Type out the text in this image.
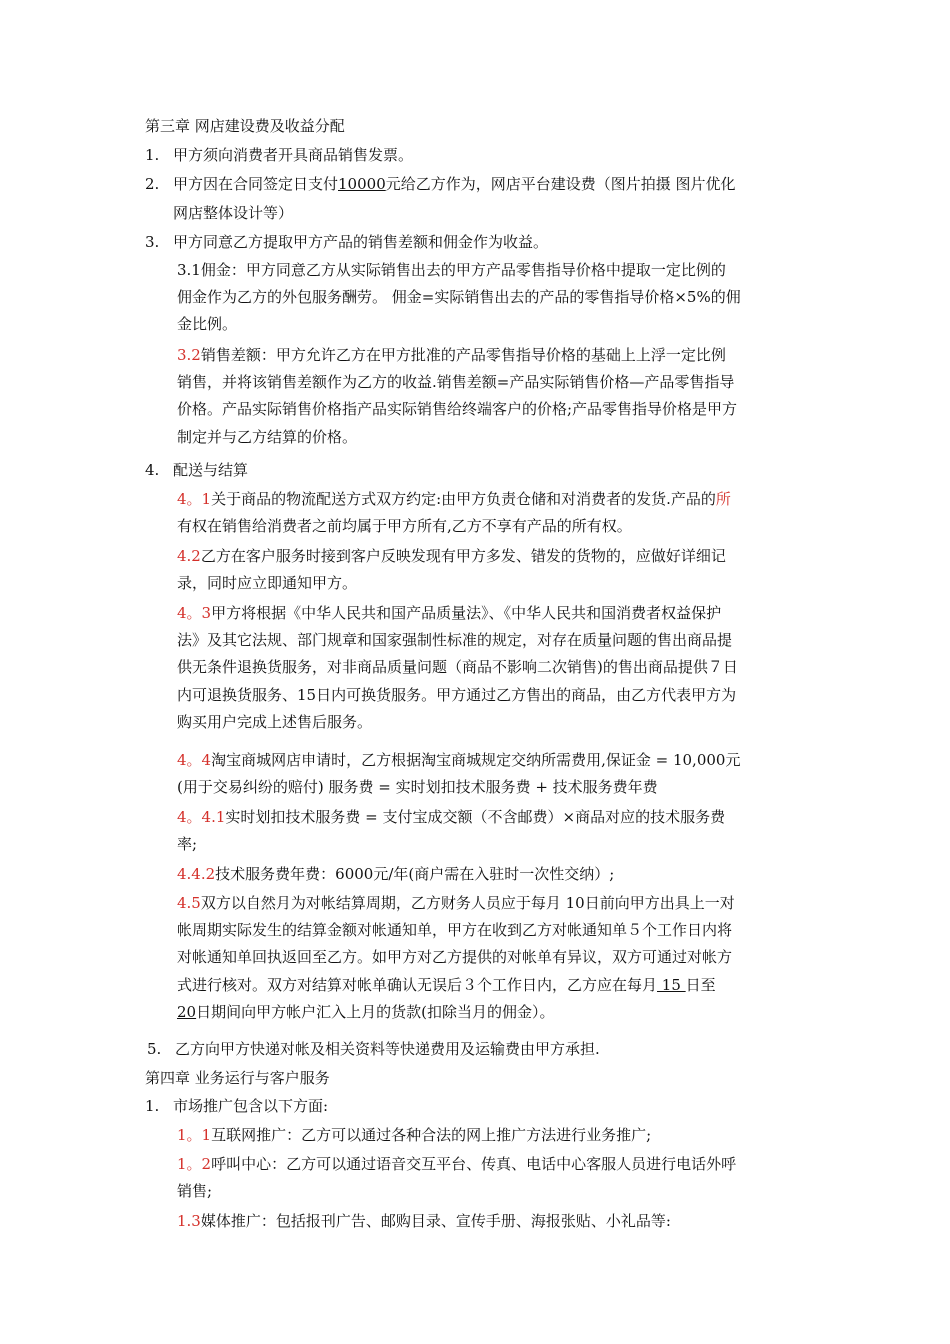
第三章 网店建设费及收益分配
1. 甲方须向消费者开具商品销售发票。
2. 甲方因在合同签定日支付10000元给乙方作为，网店平台建设费（图片拍摄 图片优化
网店整体设计等）
3. 甲方同意乙方提取甲方产品的销售差额和佣金作为收益。
3.1佣金：甲方同意乙方从实际销售出去的甲方产品零售指导价格中提取一定比例的
佣金作为乙方的外包服务酬劳。 佣金=实际销售出去的产品的零售指导价格×5%的佣
金比例。
3.2销售差额：甲方允许乙方在甲方批准的产品零售指导价格的基础上上浮一定比例
销售，并将该销售差额作为乙方的收益.销售差额=产品实际销售价格—产品零售指导
价格。产品实际销售价格指产品实际销售给终端客户的价格;产品零售指导价格是甲方
制定并与乙方结算的价格。
4. 配送与结算
4。1关于商品的物流配送方式双方约定:由甲方负责仓储和对消费者的发货.产品的所
有权在销售给消费者之前均属于甲方所有,乙方不享有产品的所有权。
4.2乙方在客户服务时接到客户反映发现有甲方多发、错发的货物的，应做好详细记
录，同时应立即通知甲方。
4。3甲方将根据《中华人民共和国产品质量法》、《中华人民共和国消费者权益保护
法》及其它法规、部门规章和国家强制性标准的规定，对存在质量问题的售出商品提
供无条件退换货服务，对非商品质量问题（商品不影响二次销售)的售出商品提供７日
内可退换货服务、15日内可换货服务。甲方通过乙方售出的商品，由乙方代表甲方为
购买用户完成上述售后服务。
4。4淘宝商城网店申请时，乙方根据淘宝商城规定交纳所需费用,保证金 = 10,000元
(用于交易纠纷的赔付) 服务费 = 实时划扣技术服务费 + 技术服务费年费
4。4.1实时划扣技术服务费 = 支付宝成交额（不含邮费）×商品对应的技术服务费
率;
4.4.2技术服务费年费：6000元/年(商户需在入驻时一次性交纳）;
4.5双方以自然月为对帐结算周期，乙方财务人员应于每月 10日前向甲方出具上一对
帐周期实际发生的结算金额对帐通知单，甲方在收到乙方对帐通知单５个工作日内将
对帐通知单回执返回至乙方。如甲方对乙方提供的对帐单有异议，双方可通过对帐方
式进行核对。双方对结算对帐单确认无误后３个工作日内，乙方应在每月 15 日至
20日期间向甲方帐户汇入上月的货款(扣除当月的佣金）。
5. 乙方向甲方快递对帐及相关资料等快递费用及运输费由甲方承担.
第四章 业务运行与客户服务
1. 市场推广包含以下方面:
1。1互联网推广：乙方可以通过各种合法的网上推广方法进行业务推广;
1。2呼叫中心：乙方可以通过语音交互平台、传真、电话中心客服人员进行电话外呼
销售;
1.3媒体推广：包括报刊广告、邮购目录、宣传手册、海报张贴、小礼品等:
